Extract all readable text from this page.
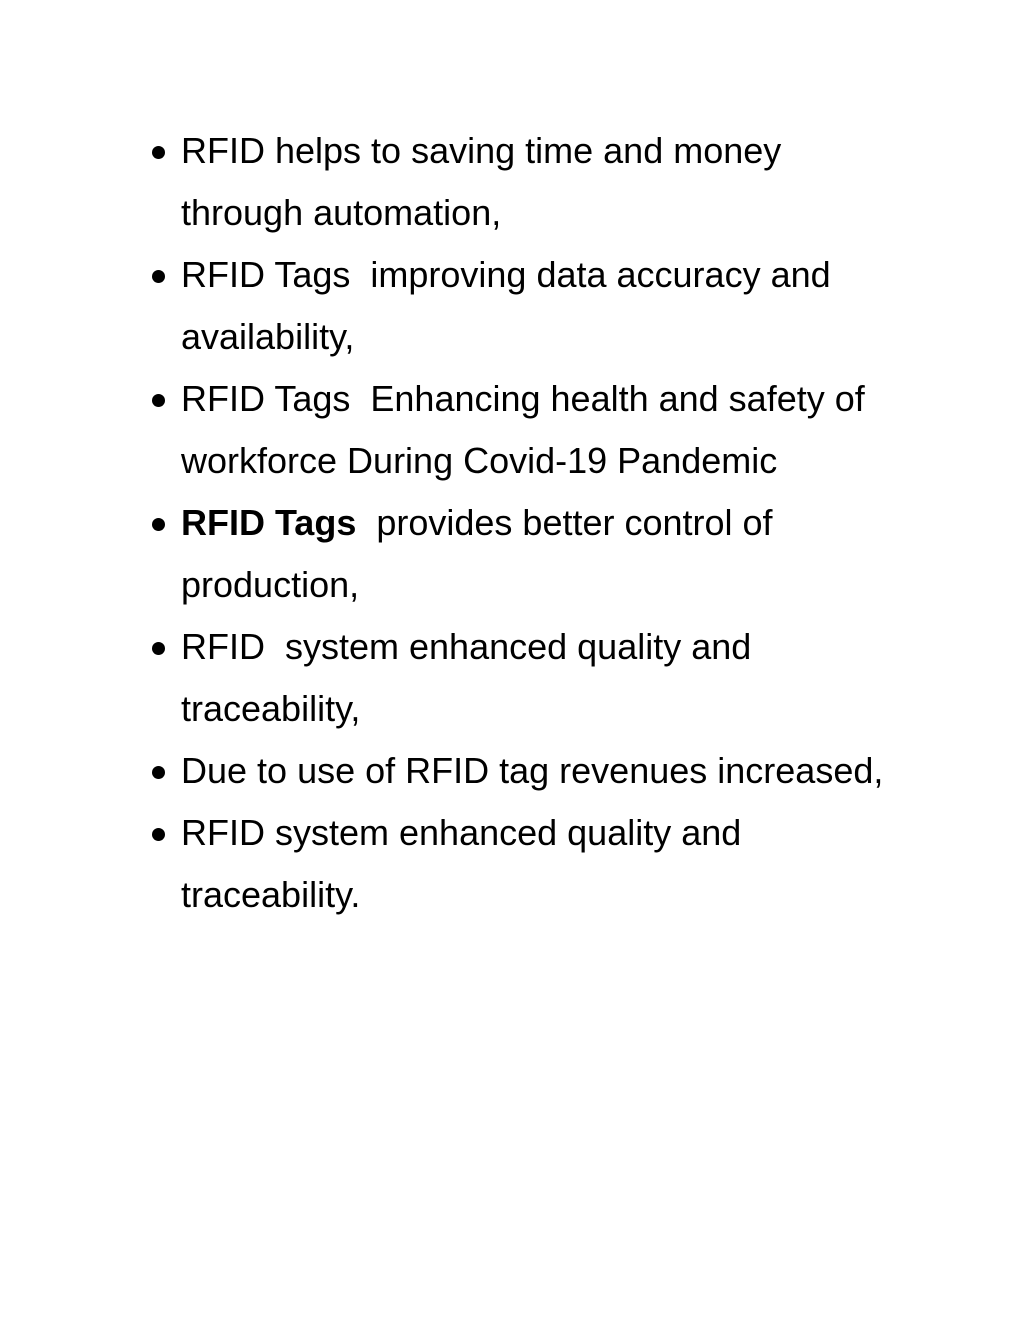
RFID helps to saving time and money through automation,
RFID Tags  improving data accuracy and availability,
RFID Tags  Enhancing health and safety of workforce During Covid-19 Pandemic
RFID Tags  provides better control of production,
RFID  system enhanced quality and traceability,
Due to use of RFID tag revenues increased,
RFID system enhanced quality and traceability.
